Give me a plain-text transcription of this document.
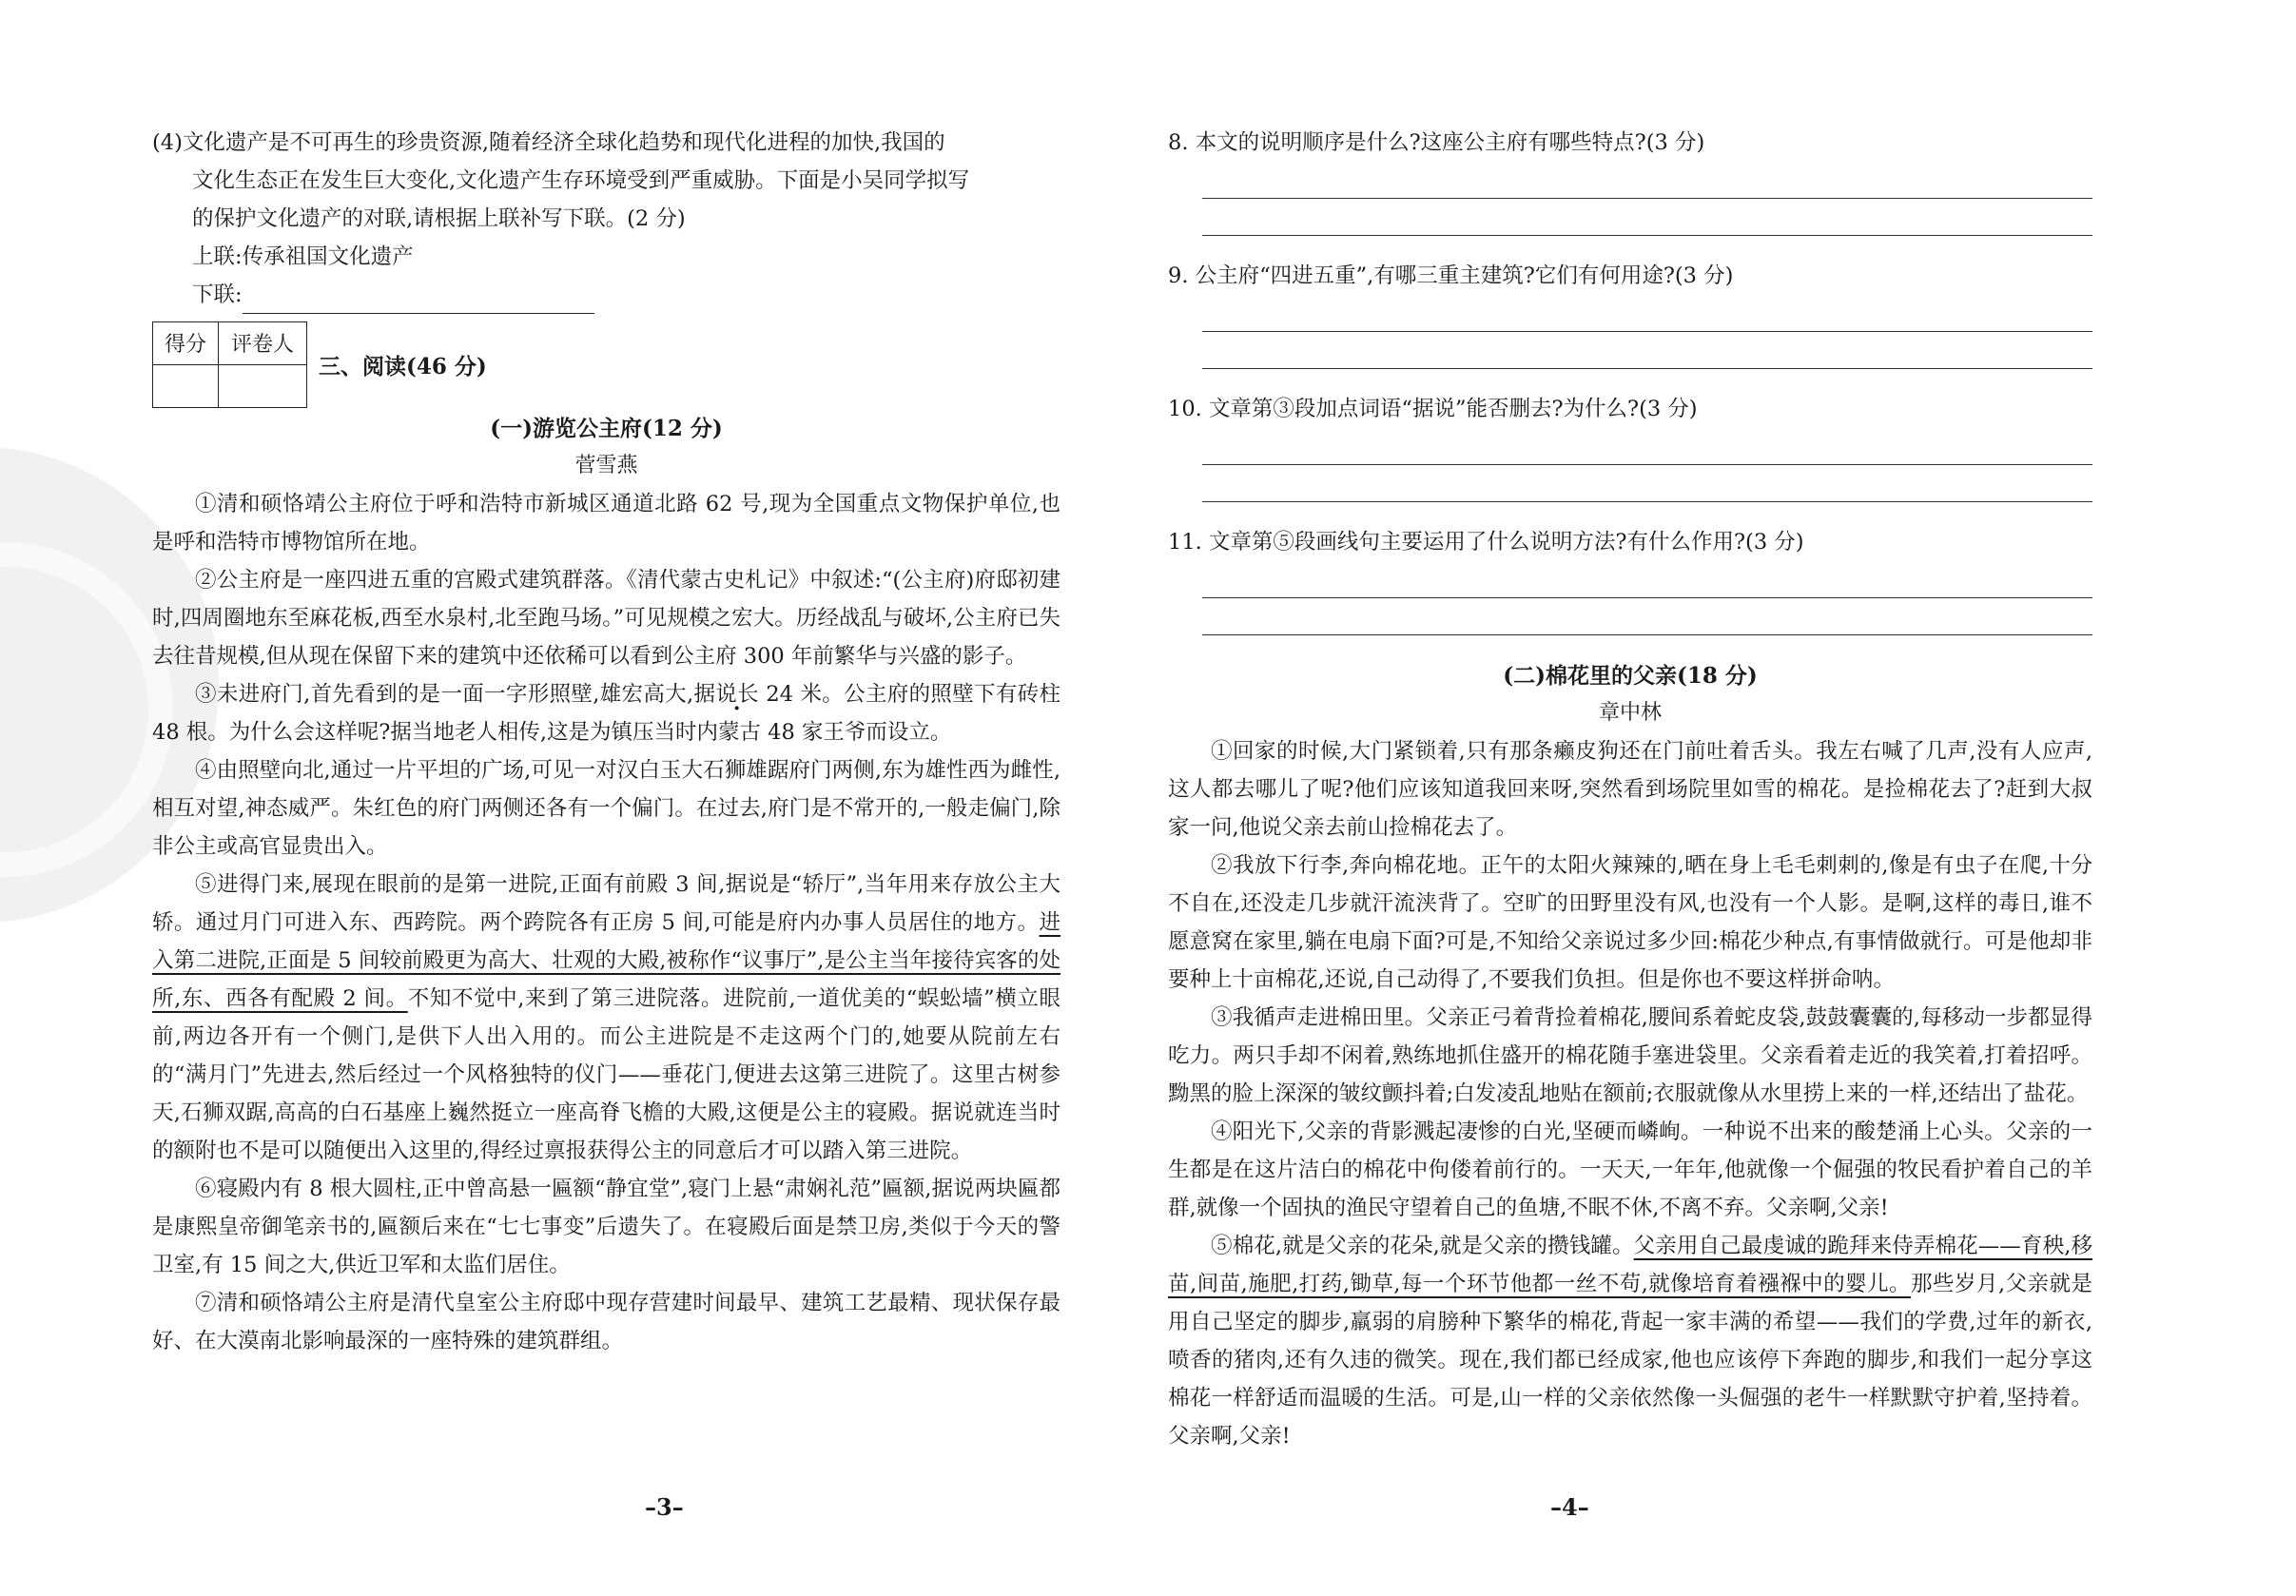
(4)文化遗产是不可再生的珍贵资源,随着经济全球化趋势和现代化进程的加快,我国的
文化生态正在发生巨大变化,文化遗产生存环境受到严重威胁。下面是小吴同学拟写
的保护文化遗产的对联,请根据上联补写下联。(2 分)
上联:传承祖国文化遗产
下联:
得分	评卷人

三、阅读(46 分)

(一)游览公主府(12 分)

菅雪燕

①清和硕恪靖公主府位于呼和浩特市新城区通道北路 62 号,现为全国重点文物保护单位,也是呼和浩特市博物馆所在地。

②公主府是一座四进五重的宫殿式建筑群落。《清代蒙古史札记》中叙述:“(公主府)府邸初建时,四周圈地东至麻花板,西至水泉村,北至跑马场。”可见规模之宏大。历经战乱与破坏,公主府已失去往昔规模,但从现在保留下来的建筑中还依稀可以看到公主府 300 年前繁华与兴盛的影子。

③未进府门,首先看到的是一面一字形照壁,雄宏高大,据说长 24 米。公主府的照壁下有砖柱 48 根。为什么会这样呢?据当地老人相传,这是为镇压当时内蒙古 48 家王爷而设立。

④由照壁向北,通过一片平坦的广场,可见一对汉白玉大石狮雄踞府门两侧,东为雄性西为雌性,相互对望,神态威严。朱红色的府门两侧还各有一个偏门。在过去,府门是不常开的,一般走偏门,除非公主或高官显贵出入。

⑤进得门来,展现在眼前的是第一进院,正面有前殿 3 间,据说是“轿厅”,当年用来存放公主大轿。通过月门可进入东、西跨院。两个跨院各有正房 5 间,可能是府内办事人员居住的地方。进入第二进院,正面是 5 间较前殿更为高大、壮观的大殿,被称作“议事厅”,是公主当年接待宾客的处所,东、西各有配殿 2 间。不知不觉中,来到了第三进院落。进院前,一道优美的“蜈蚣墙”横立眼前,两边各开有一个侧门,是供下人出入用的。而公主进院是不走这两个门的,她要从院前左右的“满月门”先进去,然后经过一个风格独特的仪门——垂花门,便进去这第三进院了。这里古树参天,石狮双踞,高高的白石基座上巍然挺立一座高脊飞檐的大殿,这便是公主的寝殿。据说就连当时的额附也不是可以随便出入这里的,得经过禀报获得公主的同意后才可以踏入第三进院。

⑥寝殿内有 8 根大圆柱,正中曾高悬一匾额“静宜堂”,寝门上悬“肃娴礼范”匾额,据说两块匾都是康熙皇帝御笔亲书的,匾额后来在“七七事变”后遗失了。在寝殿后面是禁卫房,类似于今天的警卫室,有 15 间之大,供近卫军和太监们居住。

⑦清和硕恪靖公主府是清代皇室公主府邸中现存营建时间最早、建筑工艺最精、现状保存最好、在大漠南北影响最深的一座特殊的建筑群组。

8. 本文的说明顺序是什么?这座公主府有哪些特点?(3 分)

9. 公主府“四进五重”,有哪三重主建筑?它们有何用途?(3 分)

10. 文章第③段加点词语“据说”能否删去?为什么?(3 分)

11. 文章第⑤段画线句主要运用了什么说明方法?有什么作用?(3 分)

(二)棉花里的父亲(18 分)

章中林

①回家的时候,大门紧锁着,只有那条癞皮狗还在门前吐着舌头。我左右喊了几声,没有人应声,这人都去哪儿了呢?他们应该知道我回来呀,突然看到场院里如雪的棉花。是捡棉花去了?赶到大叔家一问,他说父亲去前山捡棉花去了。

②我放下行李,奔向棉花地。正午的太阳火辣辣的,晒在身上毛毛刺刺的,像是有虫子在爬,十分不自在,还没走几步就汗流浃背了。空旷的田野里没有风,也没有一个人影。是啊,这样的毒日,谁不愿意窝在家里,躺在电扇下面?可是,不知给父亲说过多少回:棉花少种点,有事情做就行。可是他却非要种上十亩棉花,还说,自己动得了,不要我们负担。但是你也不要这样拼命呐。

③我循声走进棉田里。父亲正弓着背捡着棉花,腰间系着蛇皮袋,鼓鼓囊囊的,每移动一步都显得吃力。两只手却不闲着,熟练地抓住盛开的棉花随手塞进袋里。父亲看着走近的我笑着,打着招呼。黝黑的脸上深深的皱纹颤抖着;白发凌乱地贴在额前;衣服就像从水里捞上来的一样,还结出了盐花。

④阳光下,父亲的背影溅起凄惨的白光,坚硬而嶙峋。一种说不出来的酸楚涌上心头。父亲的一生都是在这片洁白的棉花中佝偻着前行的。一天天,一年年,他就像一个倔强的牧民看护着自己的羊群,就像一个固执的渔民守望着自己的鱼塘,不眠不休,不离不弃。父亲啊,父亲!

⑤棉花,就是父亲的花朵,就是父亲的攒钱罐。父亲用自己最虔诚的跪拜来侍弄棉花——育秧,移苗,间苗,施肥,打药,锄草,每一个环节他都一丝不苟,就像培育着襁褓中的婴儿。那些岁月,父亲就是用自己坚定的脚步,羸弱的肩膀种下繁华的棉花,背起一家丰满的希望——我们的学费,过年的新衣,喷香的猪肉,还有久违的微笑。现在,我们都已经成家,他也应该停下奔跑的脚步,和我们一起分享这棉花一样舒适而温暖的生活。可是,山一样的父亲依然像一头倔强的老牛一样默默守护着,坚持着。父亲啊,父亲!

–3–	–4–
